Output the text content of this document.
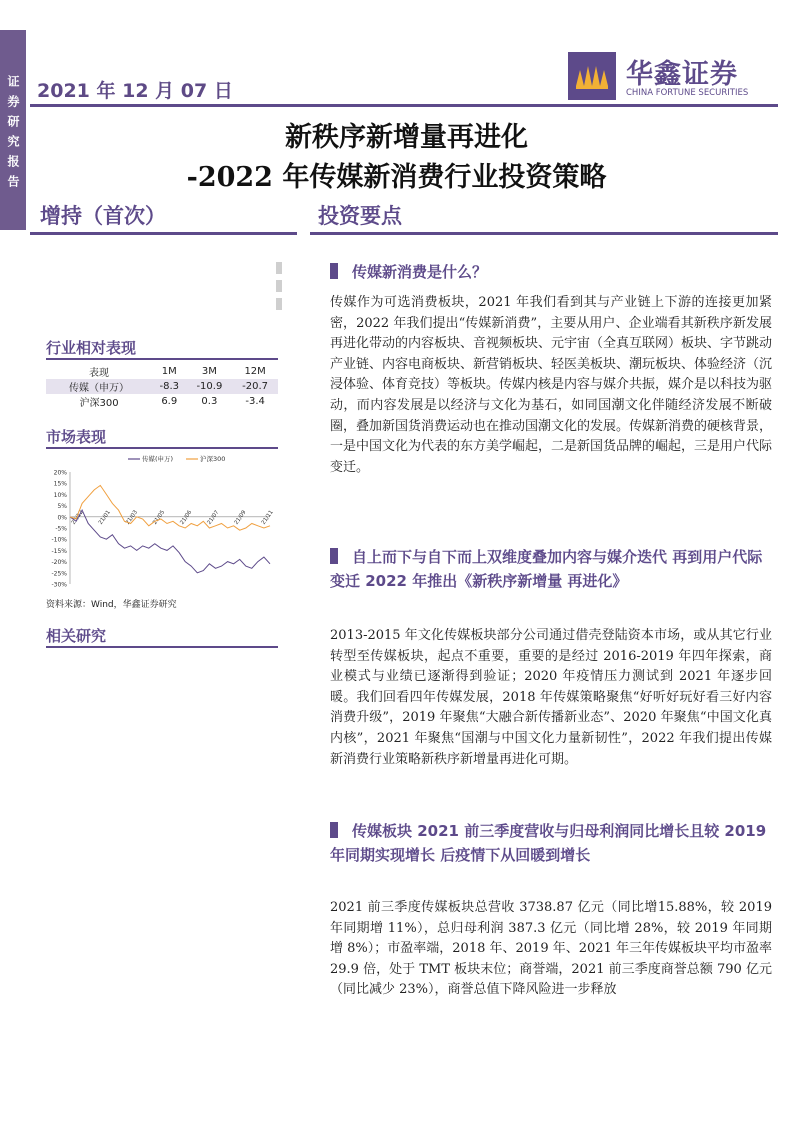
证券研究报告 2021 年 12 月 07 日
华鑫证券
CHINA FORTUNE SECURITIES
新秩序新增量再进化
-2022 年传媒新消费行业投资策略
增持（首次）	投资要点
行业相对表现
表现	1M	3M	12M
传媒（申万）	-8.3	-10.9	-20.7
沪深300	6.9	0.3	-3.4
市场表现
20%
15%
10%
5%
0%
-5%
-10%
-15%
-20%
-25%
-30%
20/12 21/01 21/03 21/05 21/06 21/07 21/09 21/11
传媒(申万)	沪深300
资料来源：Wind，华鑫证券研究
相关研究
传媒新消费是什么？
传媒作为可选消费板块，2021 年我们看到其与产业链上下游的连接更加紧密，2022 年我们提出“传媒新消费”，主要从用户、企业端看其新秩序新发展再进化带动的内容板块、音视频板块、元宇宙（全真互联网）板块、字节跳动产业链、内容电商板块、新营销板块、轻医美板块、潮玩板块、体验经济（沉浸体验、体育竞技）等板块。传媒内核是内容与媒介共振，媒介是以科技为驱动，而内容发展是以经济与文化为基石，如同国潮文化伴随经济发展不断破圈，叠加新国货消费运动也在推动国潮文化的发展。传媒新消费的硬核背景，一是中国文化为代表的东方美学崛起，二是新国货品牌的崛起，三是用户代际变迁。
自上而下与自下而上双维度叠加内容与媒介迭代 再到用户代际变迁 2022 年推出《新秩序新增量 再进化》
2013-2015 年文化传媒板块部分公司通过借壳登陆资本市场，或从其它行业转型至传媒板块，起点不重要，重要的是经过 2016-2019 年四年探索，商业模式与业绩已逐渐得到验证；2020 年疫情压力测试到 2021 年逐步回暖。我们回看四年传媒发展，2018 年传媒策略聚焦“好听好玩好看三好内容消费升级”，2019 年聚焦“大融合新传播新业态”、2020 年聚焦“中国文化真内核”，2021 年聚焦“国潮与中国文化力量新韧性”，2022 年我们提出传媒新消费行业策略新秩序新增量再进化可期。
传媒板块 2021 前三季度营收与归母利润同比增长且较 2019 年同期实现增长 后疫情下从回暖到增长
2021 前三季度传媒板块总营收 3738.87 亿元（同比增15.88%，较 2019 年同期增 11%），总归母利润 387.3 亿元（同比增 28%，较 2019 年同期增 8%）；市盈率端，2018 年、2019 年、2021 年三年传媒板块平均市盈率29.9 倍，处于 TMT 板块末位；商誉端，2021 前三季度商誉总额 790 亿元（同比减少 23%），商誉总值下降风险进一步释放
